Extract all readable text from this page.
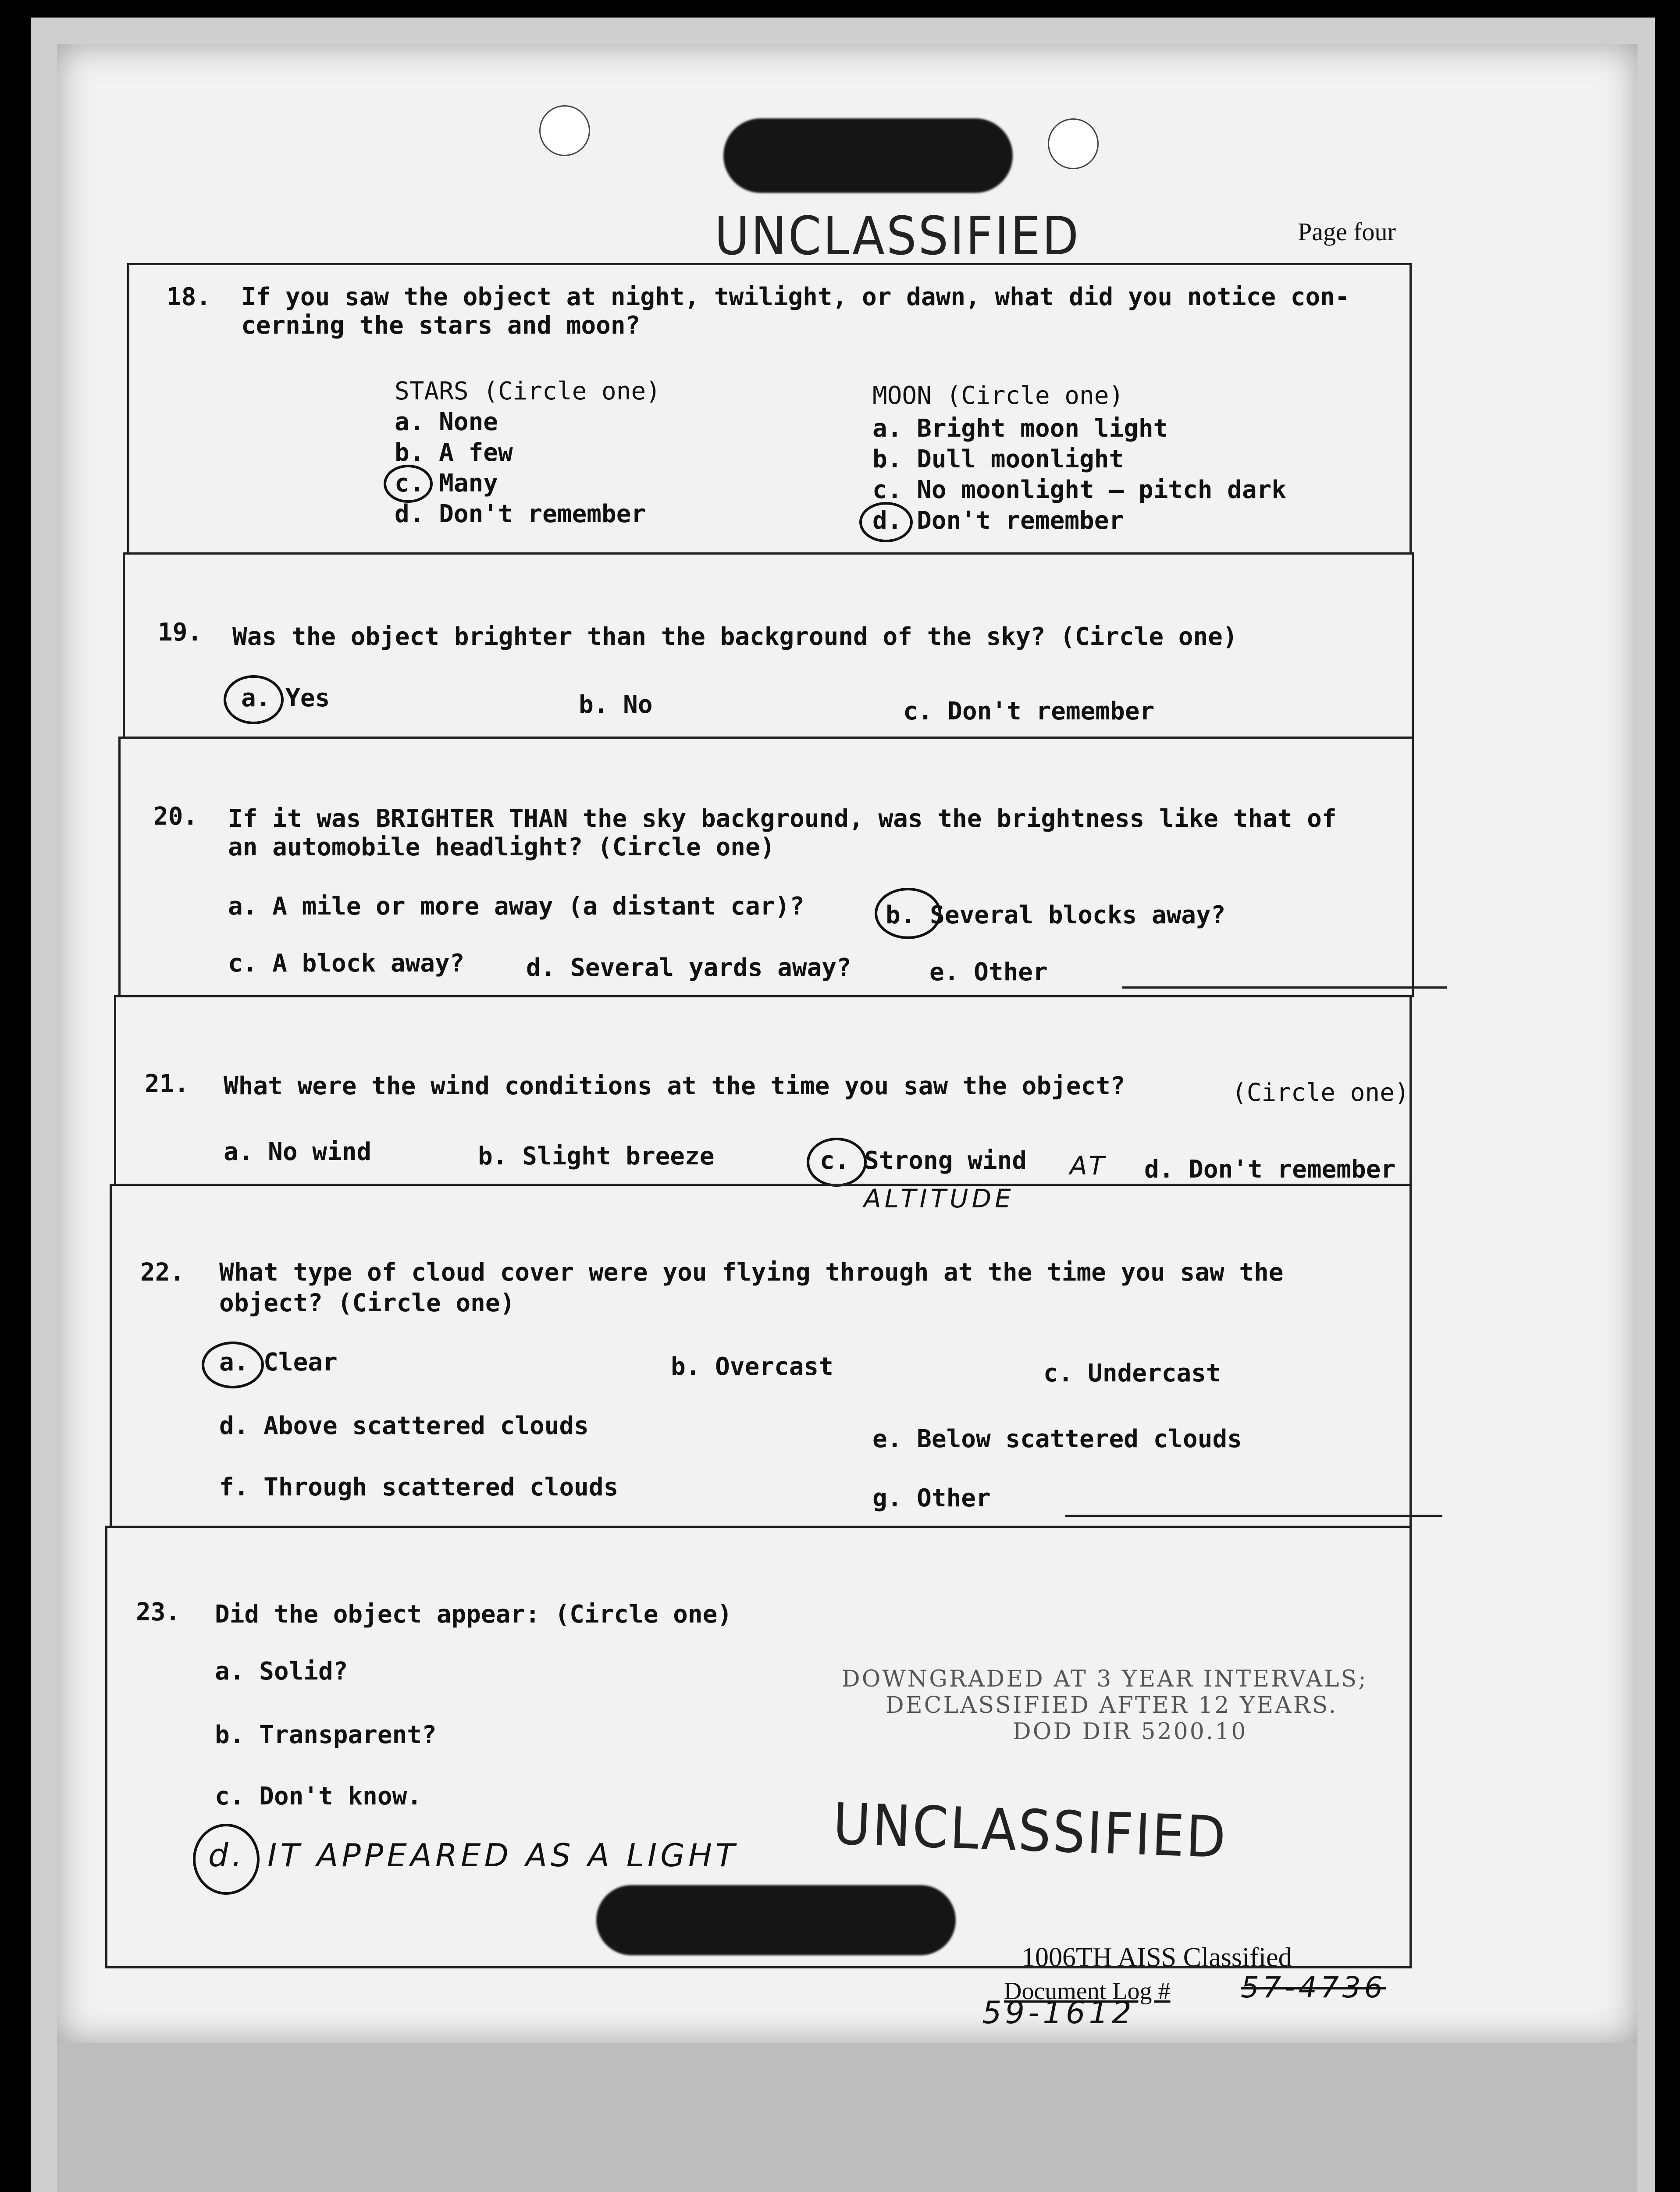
UNCLASSIFIED	Page four
18. If you saw the object at night, twilight, or dawn, what did you notice con-
cerning the stars and moon?
STARS (Circle one)
a. None
b. A few
c. Many
d. Don't remember
MOON (Circle one)
a. Bright moon light
b. Dull moonlight
c. No moonlight — pitch dark
d. Don't remember
19. Was the object brighter than the background of the sky? (Circle one)
a. Yes	b. No	c. Don't remember
20. If it was BRIGHTER THAN the sky background, was the brightness like that of
an automobile headlight? (Circle one)
a. A mile or more away (a distant car)?	b. Several blocks away?
c. A block away?	d. Several yards away?	e. Other
21. What were the wind conditions at the time you saw the object?	(Circle one)
a. No wind	b. Slight breeze	c. Strong wind AT
ALTITUDE
d. Don't remember
22. What type of cloud cover were you flying through at the time you saw the
object? (Circle one)
a. Clear	b. Overcast	c. Undercast
d. Above scattered clouds	e. Below scattered clouds
f. Through scattered clouds	g. Other
23. Did the object appear: (Circle one)
a. Solid?
b. Transparent?
c. Don't know.
d. IT APPEARED AS A LIGHT
DOWNGRADED AT 3 YEAR INTERVALS;
DECLASSIFIED AFTER 12 YEARS.
DOD DIR 5200.10
UNCLASSIFIED
1006TH AISS Classified
Document Log # 57-4736
59-1612
